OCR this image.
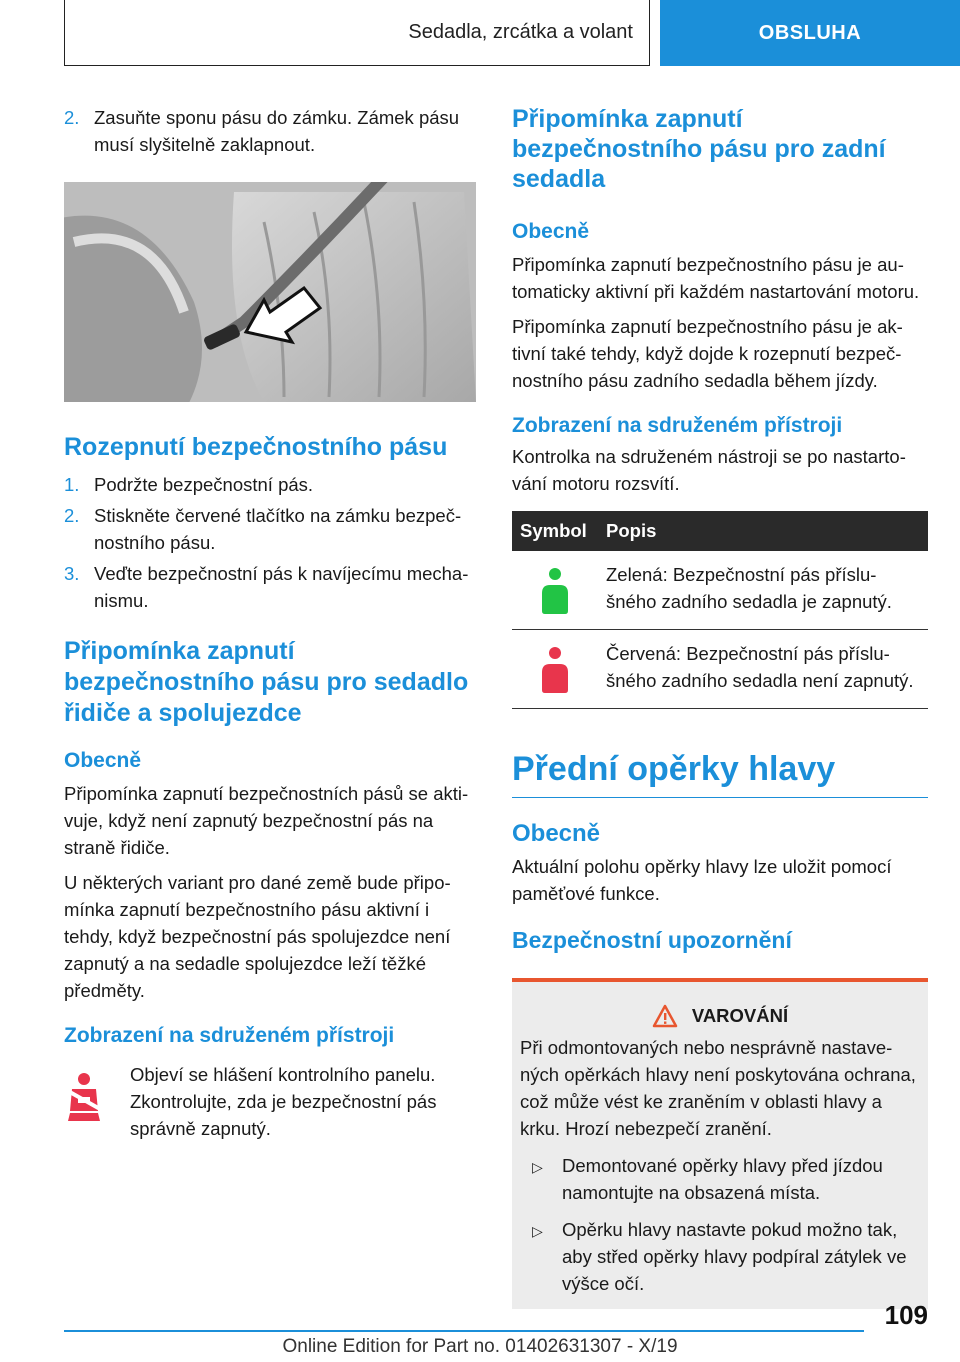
Sedadla, zrcátka a volant	OBSLUHA
2. Zasuňte sponu pásu do zámku. Zámek pásu musí slyšitelně zaklapnout.
Rozepnutí bezpečnostního pásu
1. Podržte bezpečnostní pás.
2. Stiskněte červené tlačítko na zámku bezpečnostního pásu.
3. Veďte bezpečnostní pás k navíjecímu mechanismu.
Připomínka zapnutí bezpečnostního pásu pro sedadlo řidiče a spolujezdce
Obecně

Připomínka zapnutí bezpečnostních pásů se aktivuje, když není zapnutý bezpečnostní pás na straně řidiče.

U některých variant pro dané země bude připomínka zapnutí bezpečnostního pásu aktivní i tehdy, když bezpečnostní pás spolujezdce není zapnutý a na sedadle spolujezdce leží těžké předměty.

Zobrazení na sdruženém přístroji
Objeví se hlášení kontrolního panelu. Zkontrolujte, zda je bezpečnostní pás správně zapnutý.
Připomínka zapnutí bezpečnostního pásu pro zadní sedadla
Obecně

Připomínka zapnutí bezpečnostního pásu je automaticky aktivní při každém nastartování motoru.

Připomínka zapnutí bezpečnostního pásu je aktivní také tehdy, když dojde k rozepnutí bezpečnostního pásu zadního sedadla během jízdy.

Zobrazení na sdruženém přístroji

Kontrolka na sdruženém nástroji se po nastartování motoru rozsvítí.

Symbol	Popis

	Zelená: Bezpečnostní pás příslušného zadního sedadla je zapnutý.

	Červená: Bezpečnostní pás příslušného zadního sedadla není zapnutý.
Přední opěrky hlavy
Obecně

Aktuální polohu opěrky hlavy lze uložit pomocí paměťové funkce.

Bezpečnostní upozornění
VAROVÁNÍ

Při odmontovaných nebo nesprávně nastavených opěrkách hlavy není poskytována ochrana, což může vést ke zraněním v oblasti hlavy a krku. Hrozí nebezpečí zranění.

▷	Demontované opěrky hlavy před jízdou namontujte na obsazená místa.
▷	Opěrku hlavy nastavte pokud možno tak, aby střed opěrky hlavy podpíral zátylek ve výšce očí.
109
Online Edition for Part no. 01402631307 - X/19
